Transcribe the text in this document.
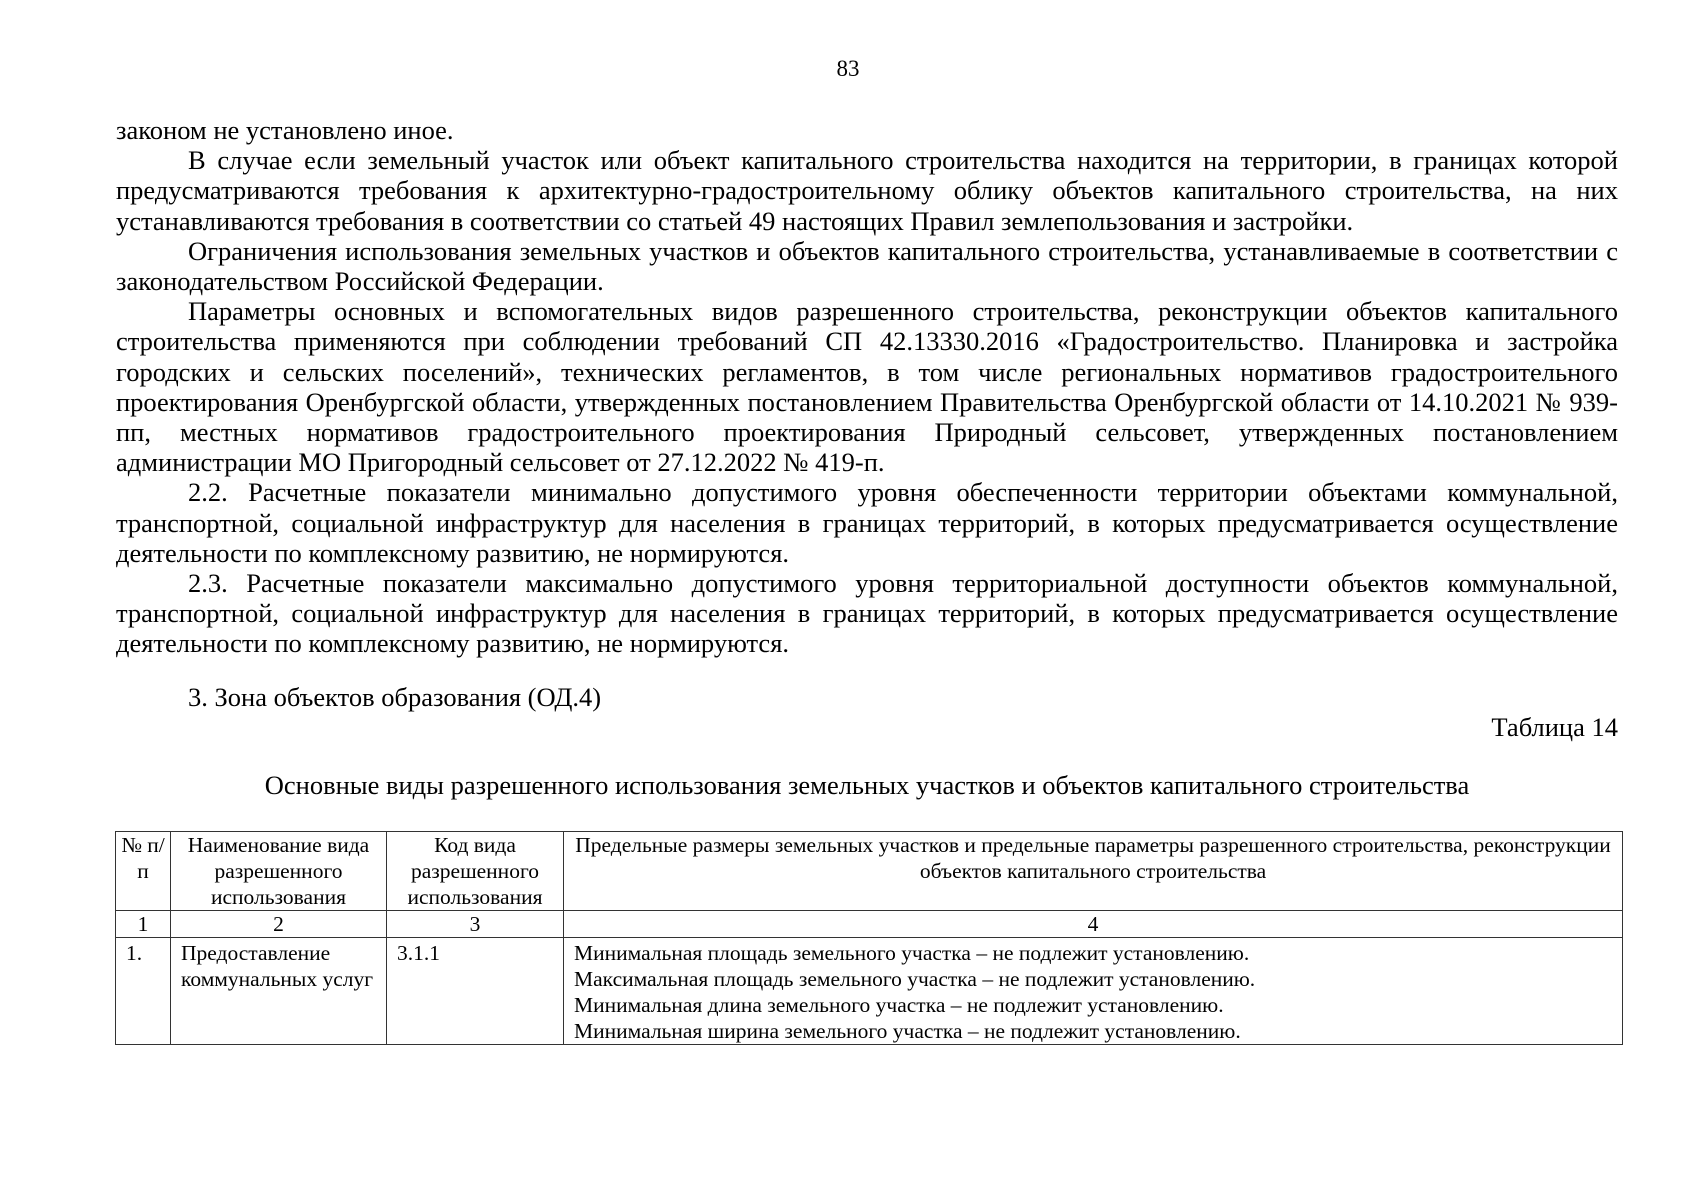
83

законом не установлено иное.

В случае если земельный участок или объект капитального строительства находится на территории, в границах которой предусматриваются требования к архитектурно-градостроительному облику объектов капитального строительства, на них устанавливаются требования в соответствии со статьей 49 настоящих Правил землепользования и застройки.

Ограничения использования земельных участков и объектов капитального строительства, устанавливаемые в соответствии с законодательством Российской Федерации.

Параметры основных и вспомогательных видов разрешенного строительства, реконструкции объектов капитального строительства применяются при соблюдении требований СП 42.13330.2016 «Градостроительство. Планировка и застройка городских и сельских поселений», технических регламентов, в том числе региональных нормативов градостроительного проектирования Оренбургской области, утвержденных постановлением Правительства Оренбургской области от 14.10.2021 № 939-пп, местных нормативов градостроительного проектирования Природный сельсовет, утвержденных постановлением администрации МО Пригородный сельсовет от 27.12.2022 № 419-п.

2.2. Расчетные показатели минимально допустимого уровня обеспеченности территории объектами коммунальной, транспортной, социальной инфраструктур для населения в границах территорий, в которых предусматривается осуществление деятельности по комплексному развитию, не нормируются.

2.3. Расчетные показатели максимально допустимого уровня территориальной доступности объектов коммунальной, транспортной, социальной инфраструктур для населения в границах территорий, в которых предусматривается осуществление деятельности по комплексному развитию, не нормируются.

3. Зона объектов образования (ОД.4)
Таблица 14
Основные виды разрешенного использования земельных участков и объектов капитального строительства
№ п/п	Наименование вида разрешенного использования	Код вида разрешенного использования	Предельные размеры земельных участков и предельные параметры разрешенного строительства, реконструкции объектов капитального строительства
1	2	3	4
1.	Предоставление коммунальных услуг	3.1.1	Минимальная площадь земельного участка – не подлежит установлению.
Максимальная площадь земельного участка – не подлежит установлению.
Минимальная длина земельного участка – не подлежит установлению.
Минимальная ширина земельного участка – не подлежит установлению.
